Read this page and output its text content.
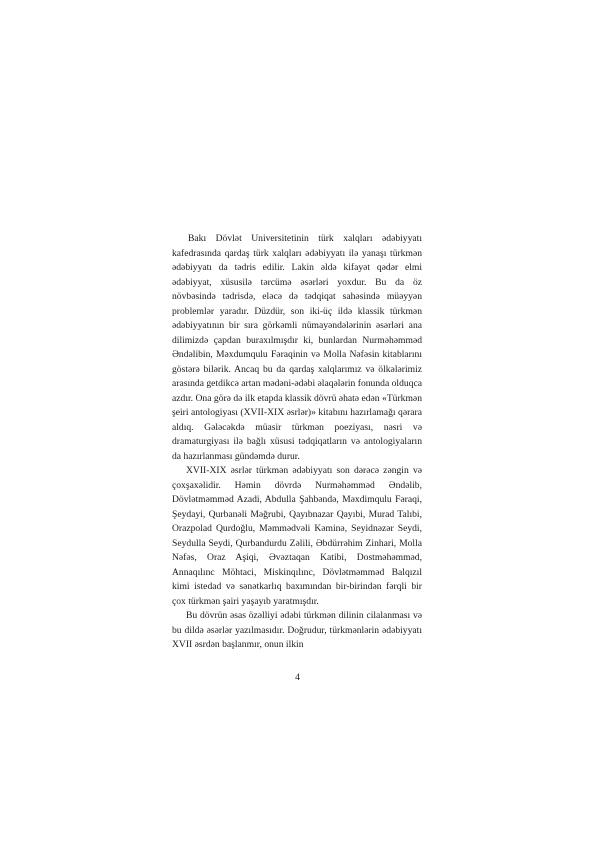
Bakı Dövlət Universitetinin türk xalqları ədəbiyyatı kafedrasında qardaş türk xalqları ədəbiyyatı ilə yanaşı türkmən ədəbiyyatı da tədris edilir. Lakin əldə kifayət qədər elmi ədəbiyyat, xüsusilə tərcümə əsərləri yoxdur. Bu da öz növbəsində tədrisdə, eləcə də tədqiqat sahəsində müəyyən problemlər yaradır. Düzdür, son iki-üç ildə klassik türkmən ədəbiyyatının bir sıra görkəmli nümayəndələrinin əsərləri ana dilimizdə çapdan buraxılmışdır ki, bunlardan Nurməhəmməd Əndəlibin, Məxdumqulu Fəraqinin və Molla Nəfəsin kitablarını göstərə bilərik. Ancaq bu da qardaş xalqlarımız və ölkələrimiz arasında getdikcə artan mədəni-ədəbi əlaqələrin fonunda olduqca azdır. Ona görə də ilk etapda klassik dövrü əhatə edən «Türkmən şeiri antologiyası (XVII-XIX əsrlər)» kitabını hazırlamağı qərara aldıq. Gələcəkdə müasir türkmən poeziyası, nəsri və dramaturgiyası ilə bağlı xüsusi tədqiqatların və antologiyaların da hazırlanması gündəmdə durur.

XVII-XIX əsrlər türkmən ədəbiyyatı son dərəcə zəngin və çoxşaxəlidir. Həmin dövrdə Nurməhəmməd Əndəlib, Dövlətməmməd Azadi, Abdulla Şahbəndə, Məxdimqulu Fəraqi, Şeydayi, Qurbanəli Məğrubi, Qayıbnazar Qayıbi, Murad Talıbi, Orazpolad Qurdoğlu, Məmmədvəli Kəminə, Seyidnəzər Seydi, Seydulla Seydi, Qurbandurdu Zəlili, Əbdürrəhim Zinhari, Molla Nəfəs, Oraz Aşiqi, Əvəztaqan Katibi, Dostməhəmməd, Annaqılınc Möhtaci, Miskinqılınc, Dövlətməmməd Balqızıl kimi istedad və sənətkarlıq baxımından bir-birindən fərqli bir çox türkmən şairi yaşayıb yaratmışdır.

Bu dövrün əsas özəlliyi ədəbi türkmən dilinin cilalanması və bu dildə əsərlər yazılmasıdır. Doğrudur, türkmənlərin ədəbiyyatı XVII əsrdən başlanmır, onun ilkin

4
